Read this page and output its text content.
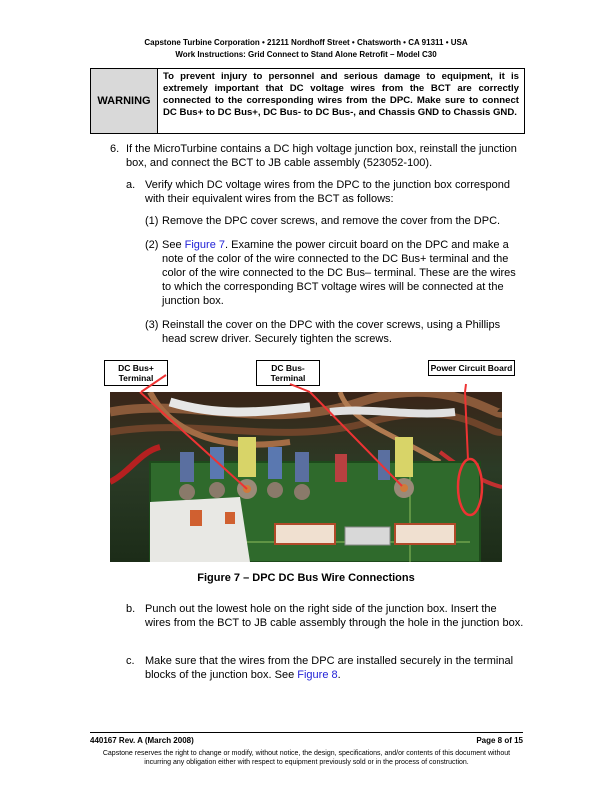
Capstone Turbine Corporation • 21211 Nordhoff Street • Chatsworth • CA 91311 • USA
Work Instructions: Grid Connect to Stand Alone Retrofit – Model C30
WARNING
To prevent injury to personnel and serious damage to equipment, it is extremely important that DC voltage wires from the BCT are correctly connected to the corresponding wires from the DPC. Make sure to connect DC Bus+ to DC Bus+, DC Bus- to DC Bus-, and Chassis GND to Chassis GND.
6. If the MicroTurbine contains a DC high voltage junction box, reinstall the junction box, and connect the BCT to JB cable assembly (523052-100).
a. Verify which DC voltage wires from the DPC to the junction box correspond with their equivalent wires from the BCT as follows:
(1) Remove the DPC cover screws, and remove the cover from the DPC.
(2) See Figure 7. Examine the power circuit board on the DPC and make a note of the color of the wire connected to the DC Bus+ terminal and the color of the wire connected to the DC Bus– terminal. These are the wires to which the corresponding BCT voltage wires will be connected at the junction box.
(3) Reinstall the cover on the DPC with the cover screws, using a Phillips head screw driver. Securely tighten the screws.
DC Bus+ Terminal
DC Bus- Terminal
Power Circuit Board
Figure 7 – DPC DC Bus Wire Connections
b. Punch out the lowest hole on the right side of the junction box. Insert the wires from the BCT to JB cable assembly through the hole in the junction box.
c. Make sure that the wires from the DPC are installed securely in the terminal blocks of the junction box. See Figure 8.
440167 Rev. A (March 2008)	Page 8 of 15
Capstone reserves the right to change or modify, without notice, the design, specifications, and/or contents of this document without incurring any obligation either with respect to equipment previously sold or in the process of construction.
